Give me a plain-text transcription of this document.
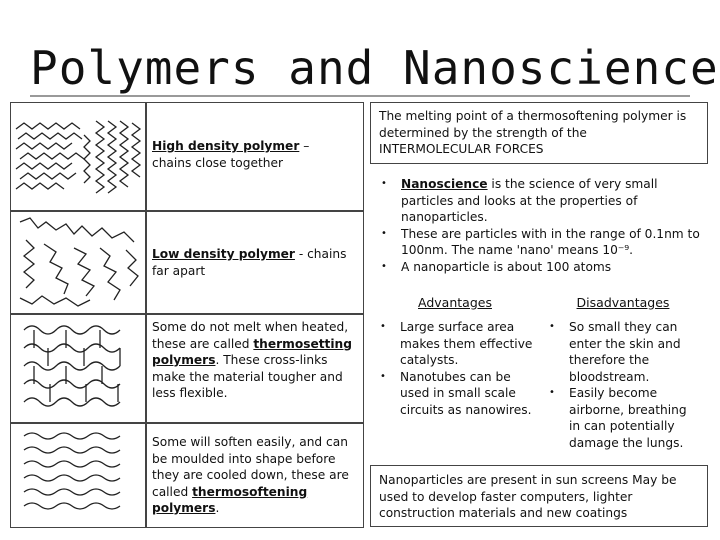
Polymers and Nanoscience
High density polymer – chains close together
Low density polymer - chains far apart
Some do not melt when heated, these are called thermosetting polymers. These cross-links make the material tougher and less flexible.
Some will soften easily, and can be moulded into shape before they are cooled down, these are called thermosoftening polymers.
The melting point of a thermosoftening polymer is determined by the strength of the INTERMOLECULAR FORCES
• Nanoscience is the science of very small particles and looks at the properties of nanoparticles.
• These are particles with in the range of 0.1nm to 100nm. The name 'nano' means 10⁻⁹.
• A nanoparticle is about 100 atoms
Advantages	Disadvantages
• Large surface area makes them effective catalysts.
• Nanotubes can be used in small scale circuits as nanowires.
• So small they can enter the skin and therefore the bloodstream.
• Easily become airborne, breathing in can potentially damage the lungs.
Nanoparticles are present in sun screens May be used to develop faster computers, lighter construction materials and new coatings
